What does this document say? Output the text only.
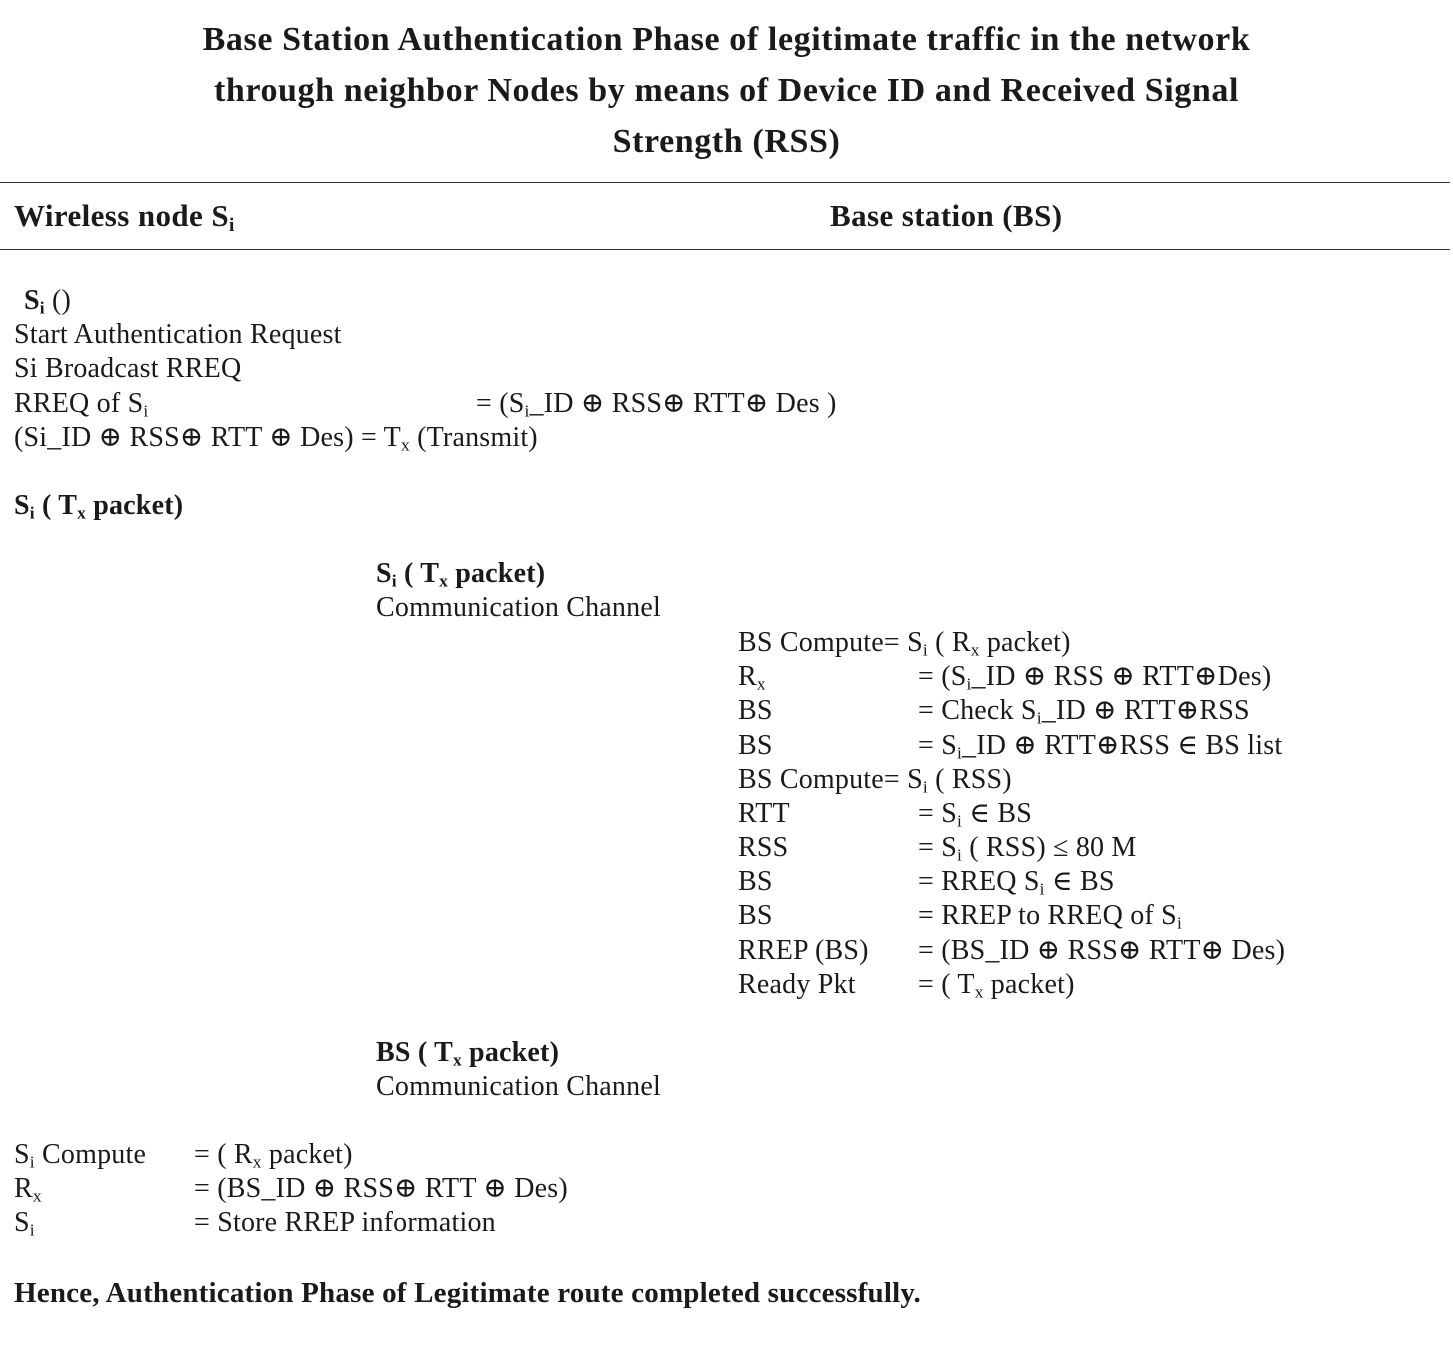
Base Station Authentication Phase of legitimate traffic in the network
through neighbor Nodes by means of Device ID and Received Signal
Strength (RSS)
Wireless node $S_i$	Base station (BS)
$S_i$ ()
Start Authentication Request
Si Broadcast RREQ
RREQ of $S_i$	= ($S_i\_ID$ ⊕ RSS⊕ RTT⊕ Des )
(Si_ID ⊕ RSS⊕ RTT ⊕ $Des) = T_x$ (Transmit)
$S_i$ ( $T_x$ packet)
$S_i$ ( $T_x$ packet)
Communication Channel
BS Compute= $S_i$ ( $R_x$ packet)
$R_x$	= ($S_i\_ID$ ⊕ RSS ⊕ RTT⊕Des)
BS	= Check $S_i\_ID$ ⊕ RTT⊕RSS
BS	= $S_i\_ID$ ⊕ RTT⊕RSS ∈ BS list
BS Compute= $S_i$ ( RSS)
RTT	= $S_i$ ∈ BS
RSS	= $S_i$ ( RSS) ≤ 80 M
BS	= RREQ $S_i$ ∈ BS
BS	= RREP to RREQ of $S_i$
RREP (BS) = (BS_ID ⊕ RSS⊕ RTT⊕ Des)
Ready Pkt = ( $T_x$ packet)
BS ( $T_x$ packet)
Communication Channel
$S_i$ Compute = ( $R_x$ packet)
$R_x$	= (BS_ID ⊕ RSS⊕ RTT ⊕ Des)
$S_i$	= Store RREP information
Hence, Authentication Phase of Legitimate route completed successfully.
